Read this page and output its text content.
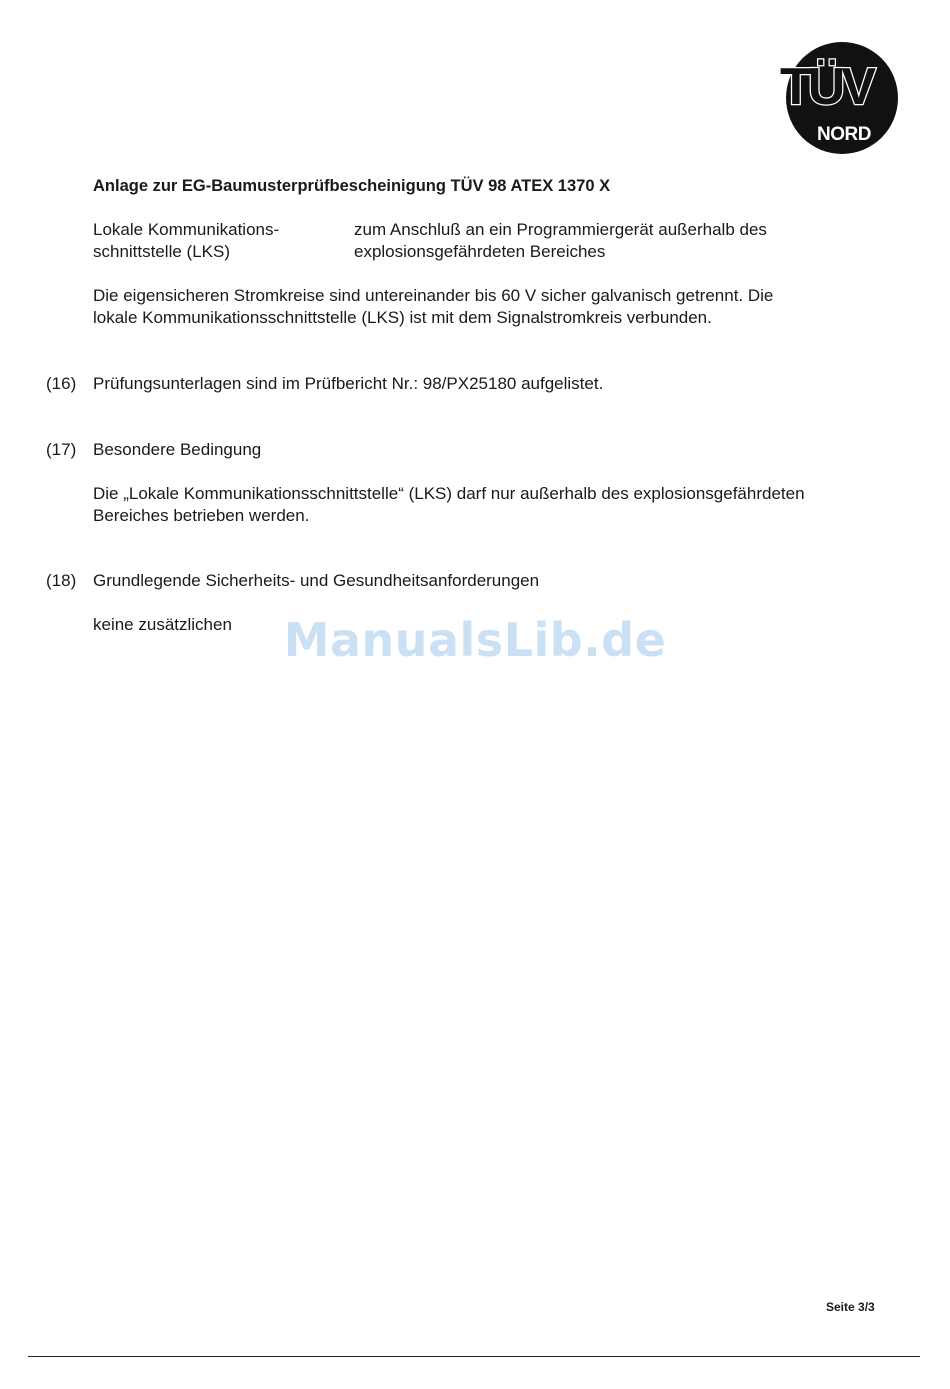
TÜV
NORD
Anlage zur EG-Baumusterprüfbescheinigung TÜV 98 ATEX 1370 X
Lokale Kommunikations-
schnittstelle (LKS)
zum Anschluß an ein Programmiergerät außerhalb des
explosionsgefährdeten Bereiches
Die eigensicheren Stromkreise sind untereinander bis 60 V sicher galvanisch getrennt. Die
lokale Kommunikationsschnittstelle (LKS) ist mit dem Signalstromkreis verbunden.
(16) Prüfungsunterlagen sind im Prüfbericht Nr.: 98/PX25180 aufgelistet.
(17) Besondere Bedingung
Die „Lokale Kommunikationsschnittstelle“ (LKS) darf nur außerhalb des explosionsgefährdeten
Bereiches betrieben werden.
(18) Grundlegende Sicherheits- und Gesundheitsanforderungen
keine zusätzlichen	ManualsLib.de
Seite 3/3
